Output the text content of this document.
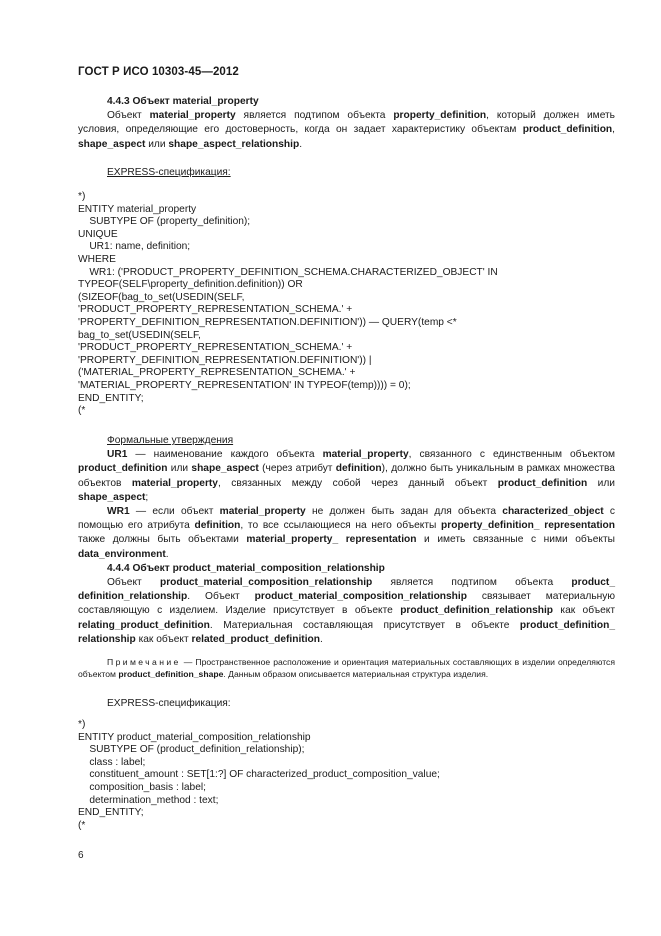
ГОСТ Р ИСО 10303-45—2012

4.4.3 Объект material_property

Объект material_property является подтипом объекта property_definition, который должен иметь условия, определяющие его достоверность, когда он задает характеристику объектам product_definition, shape_aspect или shape_aspect_relationship.

EXPRESS-спецификация:

*)
ENTITY material_property
SUBTYPE OF (property_definition);
UNIQUE
UR1: name, definition;
WHERE
WR1: ('PRODUCT_PROPERTY_DEFINITION_SCHEMA.CHARACTERIZED_OBJECT' IN
TYPEOF(SELF\property_definition.definition)) OR
(SIZEOF(bag_to_set(USEDIN(SELF,
'PRODUCT_PROPERTY_REPRESENTATION_SCHEMA.' +
'PROPERTY_DEFINITION_REPRESENTATION.DEFINITION')) — QUERY(temp <*
bag_to_set(USEDIN(SELF,
'PRODUCT_PROPERTY_REPRESENTATION_SCHEMA.' +
'PROPERTY_DEFINITION_REPRESENTATION.DEFINITION')) |
('MATERIAL_PROPERTY_REPRESENTATION_SCHEMA.' +
'MATERIAL_PROPERTY_REPRESENTATION' IN TYPEOF(temp)))) = 0);
END_ENTITY;
(*

Формальные утверждения

UR1 — наименование каждого объекта material_property, связанного с единственным объектом product_definition или shape_aspect (через атрибут definition), должно быть уникальным в рамках множества объектов material_property, связанных между собой через данный объект product_definition или shape_aspect;

WR1 — если объект material_property не должен быть задан для объекта characterized_object с помощью его атрибута definition, то все ссылающиеся на него объекты property_definition_ representation также должны быть объектами material_property_ representation и иметь связанные с ними объекты data_environment.

4.4.4 Объект product_material_composition_relationship

Объект product_material_composition_relationship является подтипом объекта product_ definition_relationship. Объект product_material_composition_relationship связывает материальную составляющую с изделием. Изделие присутствует в объекте product_definition_relationship как объект relating_product_definition. Материальная составляющая присутствует в объекте product_definition_ relationship как объект related_product_definition.

Примечание — Пространственное расположение и ориентация материальных составляющих в изделии определяются объектом product_definition_shape. Данным образом описывается материальная структура изделия.

EXPRESS-спецификация:

*)
ENTITY product_material_composition_relationship
SUBTYPE OF (product_definition_relationship);
class : label;
constituent_amount : SET[1:?] OF characterized_product_composition_value;
composition_basis : label;
determination_method : text;
END_ENTITY;
(*
6
